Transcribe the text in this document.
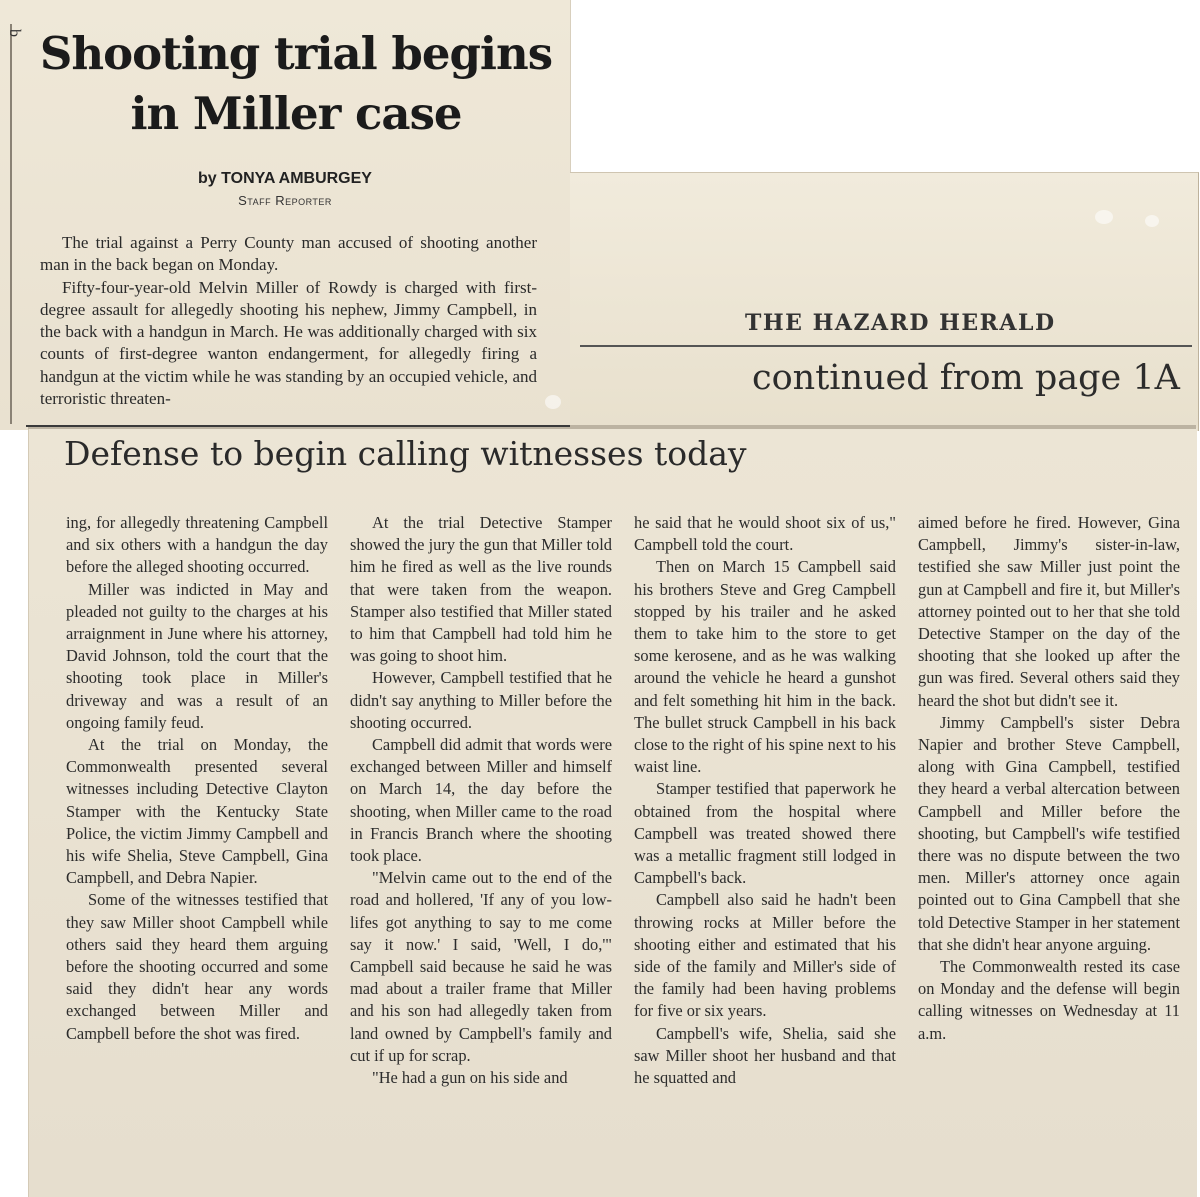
b Shooting trial begins
in Miller case
by TONYA AMBURGEY
Staff Reporter

The trial against a Perry County man accused of shooting another man in the back began on Monday.

Fifty-four-year-old Melvin Miller of Rowdy is charged with first-degree assault for allegedly shooting his nephew, Jimmy Campbell, in the back with a handgun in March. He was additionally charged with six counts of first-degree wanton endangerment, for allegedly firing a handgun at the victim while he was standing by an occupied vehicle, and terroristic threaten-

THE HAZARD HERALD
continued from page 1A
Defense to begin calling witnesses today

ing, for allegedly threatening Campbell and six others with a handgun the day before the alleged shooting occurred.

Miller was indicted in May and pleaded not guilty to the charges at his arraignment in June where his attorney, David Johnson, told the court that the shooting took place in Miller's driveway and was a result of an ongoing family feud.

At the trial on Monday, the Commonwealth presented several witnesses including Detective Clayton Stamper with the Kentucky State Police, the victim Jimmy Campbell and his wife Shelia, Steve Campbell, Gina Campbell, and Debra Napier.

Some of the witnesses testified that they saw Miller shoot Campbell while others said they heard them arguing before the shooting occurred and some said they didn't hear any words exchanged between Miller and Campbell before the shot was fired.

At the trial Detective Stamper showed the jury the gun that Miller told him he fired as well as the live rounds that were taken from the weapon. Stamper also testified that Miller stated to him that Campbell had told him he was going to shoot him.

However, Campbell testified that he didn't say anything to Miller before the shooting occurred.

Campbell did admit that words were exchanged between Miller and himself on March 14, the day before the shooting, when Miller came to the road in Francis Branch where the shooting took place.

"Melvin came out to the end of the road and hollered, 'If any of you low-lifes got anything to say to me come say it now.' I said, 'Well, I do,'" Campbell said because he said he was mad about a trailer frame that Miller and his son had allegedly taken from land owned by Campbell's family and cut if up for scrap.

"He had a gun on his side and

he said that he would shoot six of us," Campbell told the court.

Then on March 15 Campbell said his brothers Steve and Greg Campbell stopped by his trailer and he asked them to take him to the store to get some kerosene, and as he was walking around the vehicle he heard a gunshot and felt something hit him in the back. The bullet struck Campbell in his back close to the right of his spine next to his waist line.

Stamper testified that paperwork he obtained from the hospital where Campbell was treated showed there was a metallic fragment still lodged in Campbell's back.

Campbell also said he hadn't been throwing rocks at Miller before the shooting either and estimated that his side of the family and Miller's side of the family had been having problems for five or six years.

Campbell's wife, Shelia, said she saw Miller shoot her husband and that he squatted and

aimed before he fired. However, Gina Campbell, Jimmy's sister-in-law, testified she saw Miller just point the gun at Campbell and fire it, but Miller's attorney pointed out to her that she told Detective Stamper on the day of the shooting that she looked up after the gun was fired. Several others said they heard the shot but didn't see it.

Jimmy Campbell's sister Debra Napier and brother Steve Campbell, along with Gina Campbell, testified they heard a verbal altercation between Campbell and Miller before the shooting, but Campbell's wife testified there was no dispute between the two men. Miller's attorney once again pointed out to Gina Campbell that she told Detective Stamper in her statement that she didn't hear anyone arguing.

The Commonwealth rested its case on Monday and the defense will begin calling witnesses on Wednesday at 11 a.m.
